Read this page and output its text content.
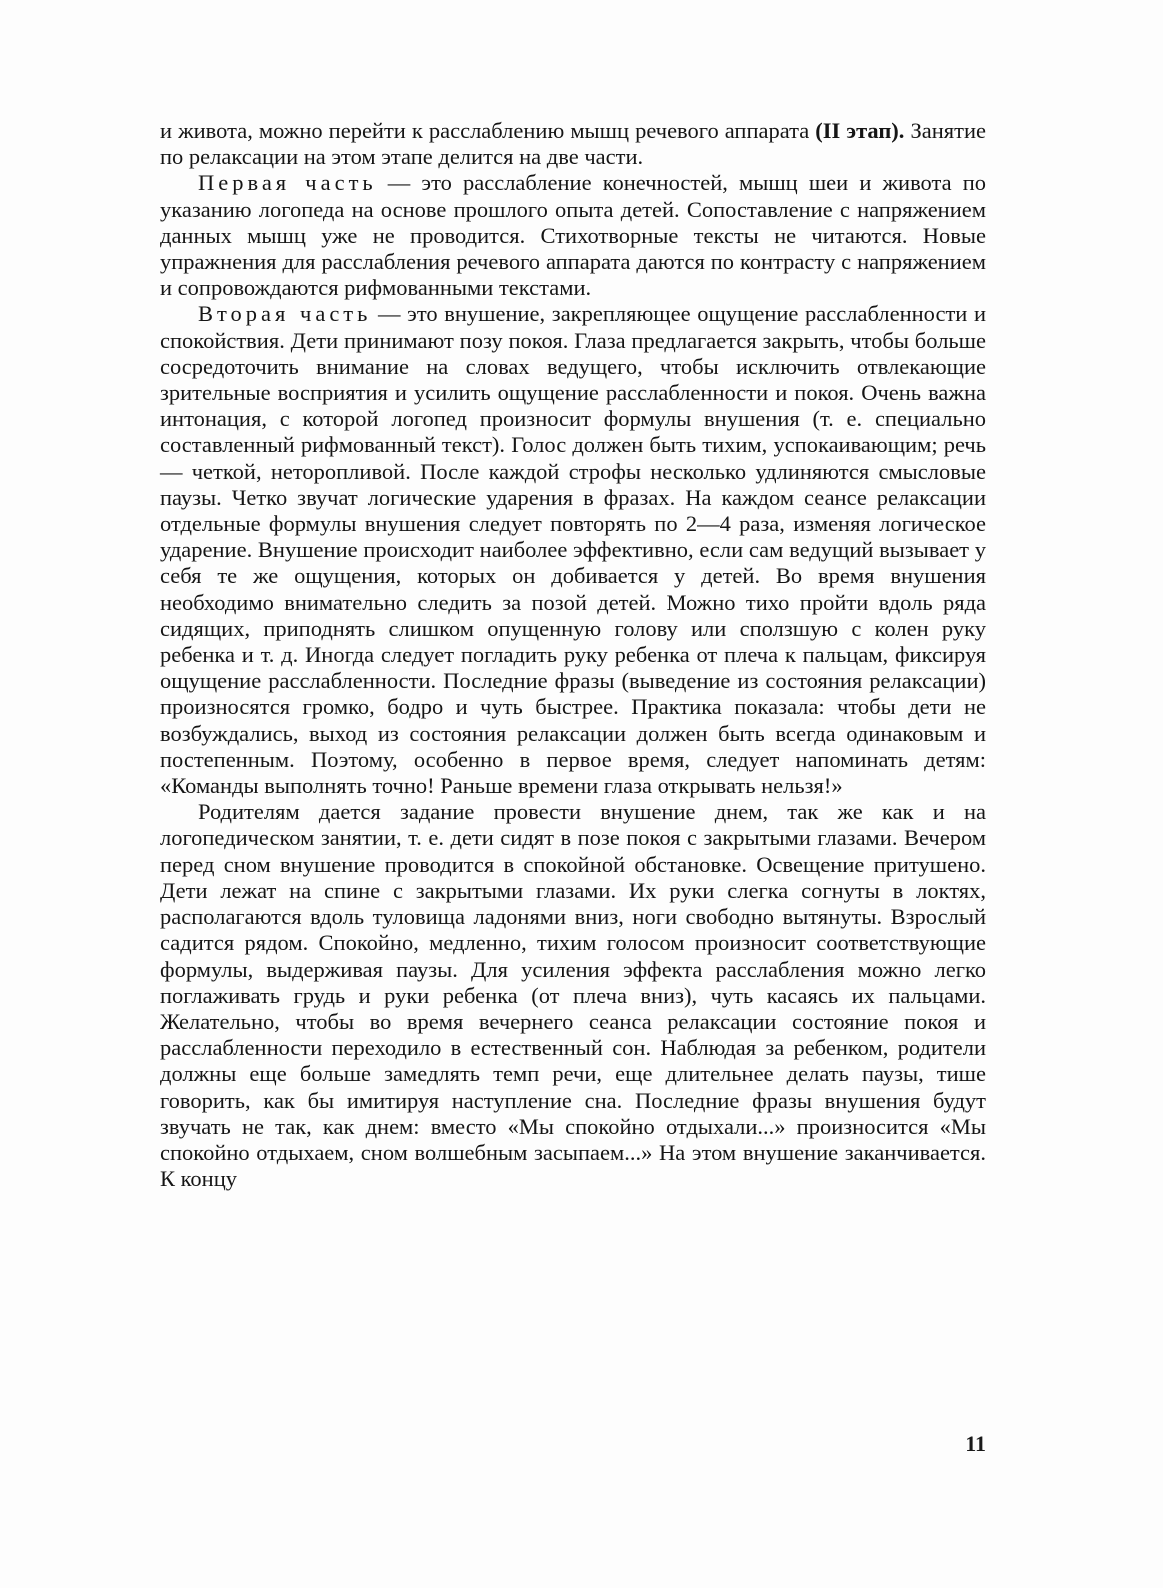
и живота, можно перейти к расслаблению мышц речевого аппарата (II этап). Занятие по релаксации на этом этапе делится на две части.

Первая часть — это расслабление конечностей, мышц шеи и живота по указанию логопеда на основе прошлого опыта детей. Сопоставление с напряжением данных мышц уже не проводится. Стихотворные тексты не читаются. Новые упражнения для расслабления речевого аппарата даются по контрасту с напряжением и сопровождаются рифмованными текстами.

Вторая часть — это внушение, закрепляющее ощущение расслабленности и спокойствия. Дети принимают позу покоя. Глаза предлагается закрыть, чтобы больше сосредоточить внимание на словах ведущего, чтобы исключить отвлекающие зрительные восприятия и усилить ощущение расслабленности и покоя. Очень важна интонация, с которой логопед произносит формулы внушения (т. е. специально составленный рифмованный текст). Голос должен быть тихим, успокаивающим; речь — четкой, неторопливой. После каждой строфы несколько удлиняются смысловые паузы. Четко звучат логические ударения в фразах. На каждом сеансе релаксации отдельные формулы внушения следует повторять по 2—4 раза, изменяя логическое ударение. Внушение происходит наиболее эффективно, если сам ведущий вызывает у себя те же ощущения, которых он добивается у детей. Во время внушения необходимо внимательно следить за позой детей. Можно тихо пройти вдоль ряда сидящих, приподнять слишком опущенную голову или сползшую с колен руку ребенка и т. д. Иногда следует погладить руку ребенка от плеча к пальцам, фиксируя ощущение расслабленности. Последние фразы (выведение из состояния релаксации) произносятся громко, бодро и чуть быстрее. Практика показала: чтобы дети не возбуждались, выход из состояния релаксации должен быть всегда одинаковым и постепенным. Поэтому, особенно в первое время, следует напоминать детям: «Команды выполнять точно! Раньше времени глаза открывать нельзя!»

Родителям дается задание провести внушение днем, так же как и на логопедическом занятии, т. е. дети сидят в позе покоя с закрытыми глазами. Вечером перед сном внушение проводится в спокойной обстановке. Освещение притушено. Дети лежат на спине с закрытыми глазами. Их руки слегка согнуты в локтях, располагаются вдоль туловища ладонями вниз, ноги свободно вытянуты. Взрослый садится рядом. Спокойно, медленно, тихим голосом произносит соответствующие формулы, выдерживая паузы. Для усиления эффекта расслабления можно легко поглаживать грудь и руки ребенка (от плеча вниз), чуть касаясь их пальцами. Желательно, чтобы во время вечернего сеанса релаксации состояние покоя и расслабленности переходило в естественный сон. Наблюдая за ребенком, родители должны еще больше замедлять темп речи, еще длительнее делать паузы, тише говорить, как бы имитируя наступление сна. Последние фразы внушения будут звучать не так, как днем: вместо «Мы спокойно отдыхали...» произносится «Мы спокойно отдыхаем, сном волшебным засыпаем...» На этом внушение заканчивается. К концу

11
